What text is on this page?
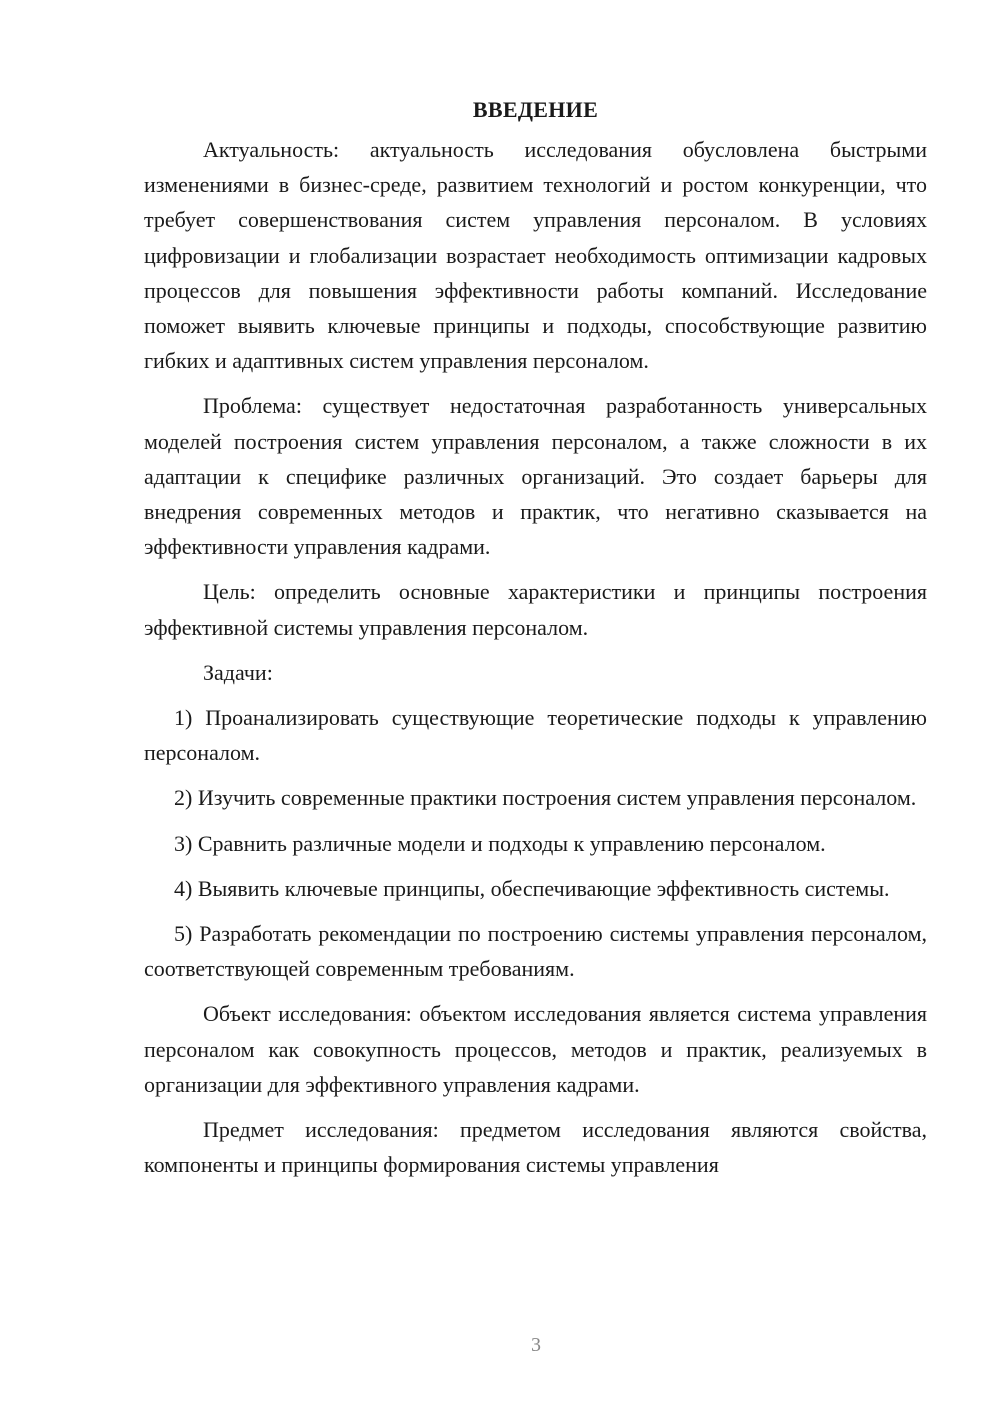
ВВЕДЕНИЕ

Актуальность: актуальность исследования обусловлена быстрыми изменениями в бизнес-среде, развитием технологий и ростом конкуренции, что требует совершенствования систем управления персоналом. В условиях цифровизации и глобализации возрастает необходимость оптимизации кадровых процессов для повышения эффективности работы компаний. Исследование поможет выявить ключевые принципы и подходы, способствующие развитию гибких и адаптивных систем управления персоналом.

Проблема: существует недостаточная разработанность универсальных моделей построения систем управления персоналом, а также сложности в их адаптации к специфике различных организаций. Это создает барьеры для внедрения современных методов и практик, что негативно сказывается на эффективности управления кадрами.

Цель: определить основные характеристики и принципы построения эффективной системы управления персоналом.

Задачи:

1) Проанализировать существующие теоретические подходы к управлению персоналом.

2) Изучить современные практики построения систем управления персоналом.

3) Сравнить различные модели и подходы к управлению персоналом.

4) Выявить ключевые принципы, обеспечивающие эффективность системы.

5) Разработать рекомендации по построению системы управления персоналом, соответствующей современным требованиям.

Объект исследования: объектом исследования является система управления персоналом как совокупность процессов, методов и практик, реализуемых в организации для эффективного управления кадрами.

Предмет исследования: предметом исследования являются свойства, компоненты и принципы формирования системы управления

3
